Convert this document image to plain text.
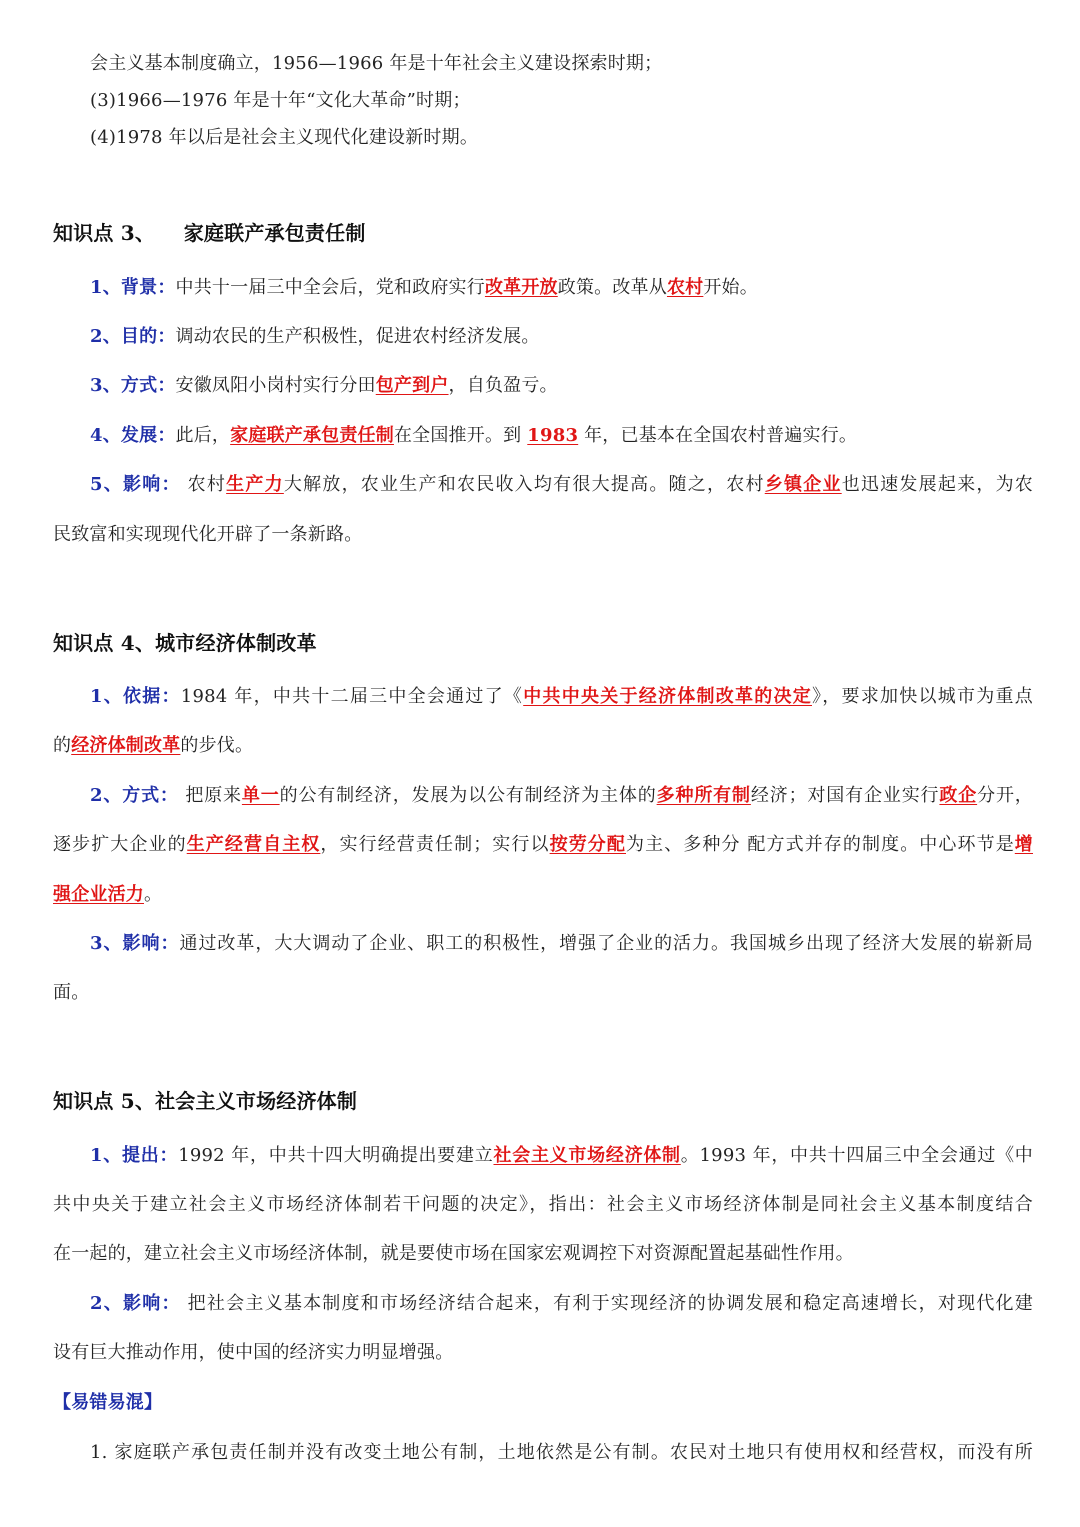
会主义基本制度确立，1956—1966 年是十年社会主义建设探索时期；
(3)1966—1976 年是十年“文化大革命”时期；
(4)1978 年以后是社会主义现代化建设新时期。
知识点 3、    家庭联产承包责任制
1、背景：中共十一届三中全会后，党和政府实行改革开放政策。改革从农村开始。
2、目的：调动农民的生产积极性，促进农村经济发展。
3、方式：安徽凤阳小岗村实行分田包产到户，自负盈亏。
4、发展：此后，家庭联产承包责任制在全国推开。到 1983 年，已基本在全国农村普遍实行。
5、影响： 农村生产力大解放，农业生产和农民收入均有很大提高。随之，农村乡镇企业也迅速发展起来，为农
民致富和实现现代化开辟了一条新路。
知识点 4、城市经济体制改革
1、依据：1984 年，中共十二届三中全会通过了《中共中央关于经济体制改革的决定》，要求加快以城市为重点
的经济体制改革的步伐。
2、方式： 把原来单一的公有制经济，发展为以公有制经济为主体的多种所有制经济；对国有企业实行政企分开，
逐步扩大企业的生产经营自主权，实行经营责任制；实行以按劳分配为主、多种分 配方式并存的制度。中心环节是增
强企业活力。
3、影响：通过改革，大大调动了企业、职工的积极性，增强了企业的活力。我国城乡出现了经济大发展的崭新局
面。
知识点 5、社会主义市场经济体制
1、提出：1992 年，中共十四大明确提出要建立社会主义市场经济体制。1993 年，中共十四届三中全会通过《中
共中央关于建立社会主义市场经济体制若干问题的决定》，指出：社会主义市场经济体制是同社会主义基本制度结合
在一起的，建立社会主义市场经济体制，就是要使市场在国家宏观调控下对资源配置起基础性作用。
2、影响： 把社会主义基本制度和市场经济结合起来，有利于实现经济的协调发展和稳定高速增长，对现代化建
设有巨大推动作用，使中国的经济实力明显增强。
【易错易混】
1. 家庭联产承包责任制并没有改变土地公有制，土地依然是公有制。农民对土地只有使用权和经营权，而没有所
